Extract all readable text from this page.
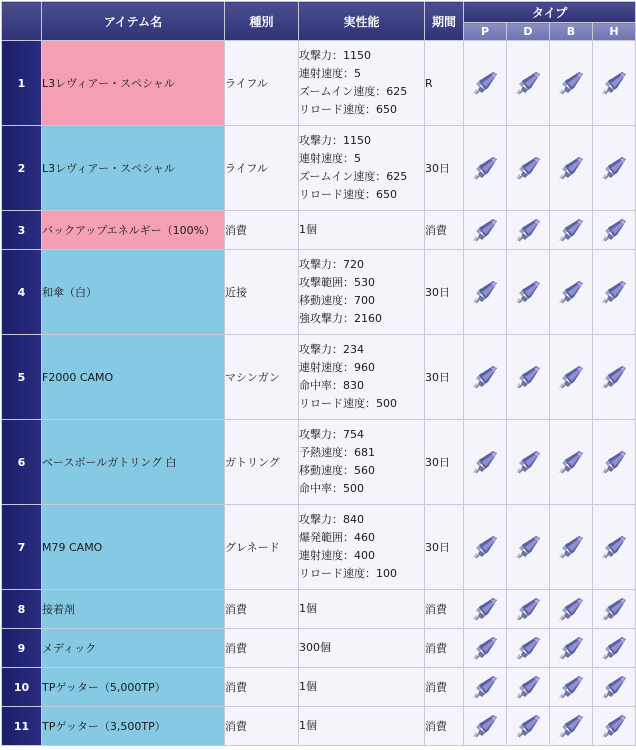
	アイテム名	種別	実性能	期間	タイプ			
					P	D	B	H
1	L3レヴィアー・スペシャル	ライフル	攻撃力：1150
連射速度：5
ズームイン速度：625
リロード速度：650	R				
2	L3レヴィアー・スペシャル	ライフル	攻撃力：1150
連射速度：5
ズームイン速度：625
リロード速度：650	30日				
3	バックアップエネルギー（100%）	消費	1個	消費				
4	和傘（白）	近接	攻撃力：720
攻撃範囲：530
移動速度：700
強攻撃力：2160	30日				
5	F2000 CAMO	マシンガン	攻撃力：234
連射速度：960
命中率：830
リロード速度：500	30日				
6	ベースボールガトリング 白	ガトリング	攻撃力：754
予熱速度：681
移動速度：560
命中率：500	30日				
7	M79 CAMO	グレネード	攻撃力：840
爆発範囲：460
連射速度：400
リロード速度：100	30日				
8	接着剤	消費	1個	消費				
9	メディック	消費	300個	消費				
10	TPゲッター（5,000TP）	消費	1個	消費				
11	TPゲッター（3,500TP）	消費	1個	消費				
